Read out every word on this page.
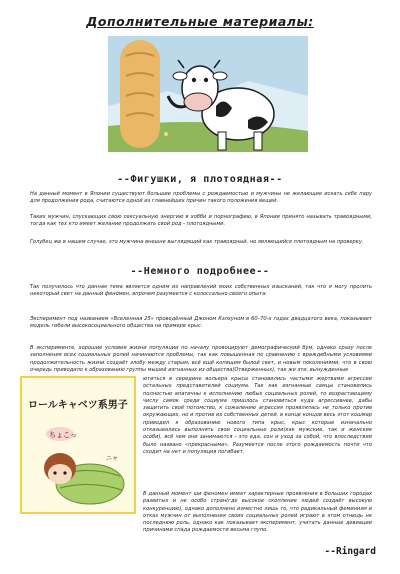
Дополнительные материалы:
--Фигушки, я плотоядная--

На данный момент в Японии существуют большие проблемы с рождаемостью и мужчины не желающие искать себе пару для продолжения рода, считаются одной из главнейших причин такого положения вещей.

Таких мужчин, спускающих свою сексуальную энергию в хобби и порнографию, в Японии принято называть травоядными, тогда как тех кто имеет желание продолжать свой род - плотоядными.

Голубец же в нашем случае, это мужчина внешне выглядящий как травоядный, но являющийся плотоядным на проверку.

--Немного подробнее--

Так получилось что данная тема является одним из направлений моих собственных изысканий, так что я могу пролить некоторый свет на данный феномен, впрочем разумеется с колоссально своего опыта:

Эксперимент под названием «Вселенная 25» проведённый Джоном Кэлхуном в 60–70-х годах двадцатого века, показывает модель гибели высокосоциального общества на примере крыс.

В эксперименте, хорошие условия жизни популяции по началу провоцируют демографический бум, однако сразу после заполнения всех социальных ролей начинаются проблемы, так как повышенная по сравнению с враждебными условиями продолжительность жизни создаёт злобу между старым, всё ещё копящим былой свет, и новым поколениями, что в свою очередь приводило к образованию группы мышей изгнанных из общества(Отверженных), так же эти, вынужденные

ロールキャベツ系男子
ちょこっ
ニャ

ютиться в середине вольера крысы становились частыми жертвами агрессии остальных представителей социума. Так как изгнанные самцы становились полностью апатичны к исполнению любых социальных ролей, то возрастающему числу самок среди социума пришлось становиться куда агрессивнее, дабы защитить своё потомство, к сожалению агрессия проявлялась не только против окружающих, но и против их собственных детей, в конце концов весь этот кошмар приводил к образованию нового типа крыс, крыс которые изначально отказывались выполнять свои социальные роли(как мужские, так и женские особи), всё чем они занимаются - это еда, сон и уход за собой, что впоследствии было названо «прекрасными». Разумеется после этого рождаемость почти что сходит на нет и популяция погибает.

В данный момент ши феномен имеет характерные проявления в больших городах развитых и не особо стран(где высокое скопление людей создаёт высокую конкуренцию), однако дополнено изместно лишь то, что радикальный феминизм и отказ мужчин от выполнения своих социальных ролей играют в этом отнюдь не последнюю роль, однако как показывает эксперимент, учитать данные девиации причинами спада рождаемости весьма глупо.

--Ringard
